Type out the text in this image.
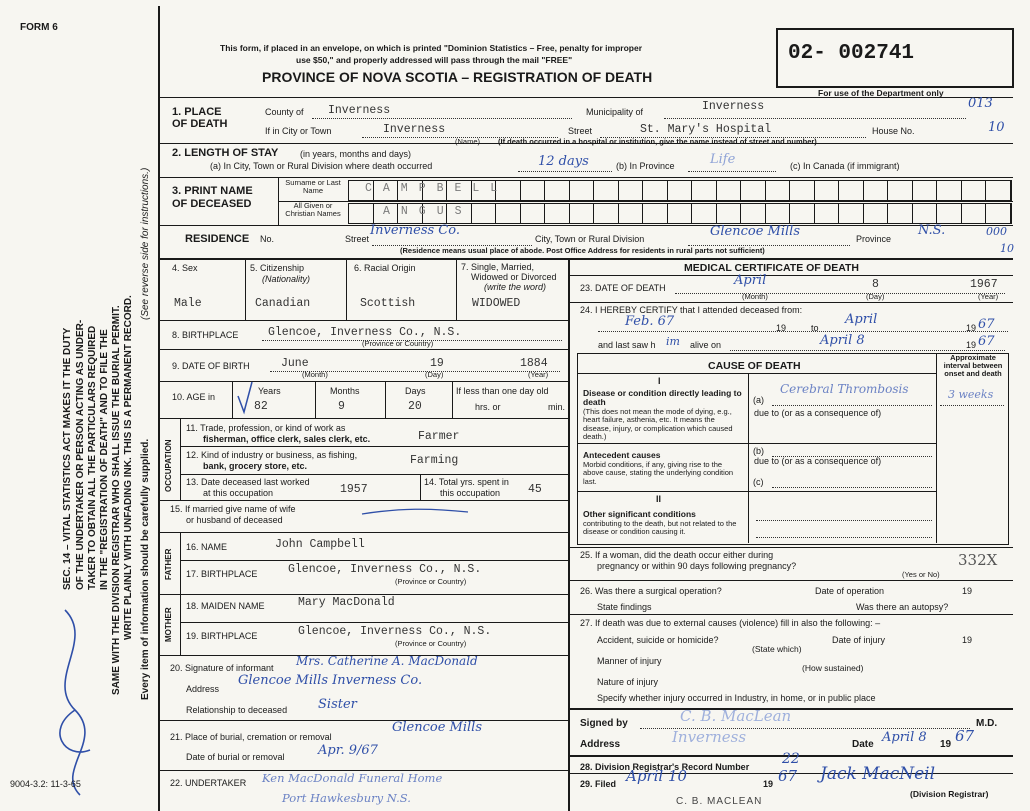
FORM 6
SEC. 14 – VITAL STATISTICS ACT MAKES IT THE DUTY OF THE UNDERTAKER OR PERSON ACTING AS UNDER- TAKER TO OBTAIN ALL THE PARTICULARS REQUIRED IN THE "REGISTRATION OF DEATH" AND TO FILE THE SAME WITH THE DIVISION REGISTRAR WHO SHALL ISSUE THE BURIAL PERMIT. WRITE PLAINLY WITH UNFADING INK. THIS IS A PERMANENT RECORD.
(See reverse side for instructions.)
Every item of information should be carefully supplied.
9004-3.2: 11-3-65
This form, if placed in an envelope, on which is printed "Dominion Statistics – Free, penalty for improper
use $50," and properly addressed will pass through the mail "FREE"
PROVINCE OF NOVA SCOTIA – REGISTRATION OF DEATH
02- 002741
For use of the Department only
1. PLACE OF DEATH
County of Inverness	Municipality of	Inverness	013
If in City or Town	Inverness
(Name)
Street	St. Mary's Hospital	House No.	10
(If death occurred in a hospital or institution, give the name instead of street and number)
2. LENGTH OF STAY (in years, months and days)
(a) In City, Town or Rural Division where death occurred	12 days	(b) In Province	Life	(c) In Canada (if immigrant)
3. PRINT NAME OF DECEASED
Surname or Last Name
All Given or Christian Names
CAMPBELL
ANGUS
RESIDENCE No.	Street
Inverness Co.
City, Town or Rural Division	Glencoe Mills	Province
N.S.	000
10
(Residence means usual place of abode. Post Office Address for residents in rural parts not sufficient)
4. Sex
Male
5. Citizenship
(Nationality)
Canadian
6. Racial Origin
Scottish
7. Single, Married,
Widowed or Divorced
(write the word)
WIDOWED
8. BIRTHPLACE	Glencoe, Inverness Co., N.S.
(Province or Country)
9. DATE OF BIRTH	June	19	1884
(Month)	(Day)	(Year)
10. AGE in
Years	Months	Days
82	9	20
If less than one day old
hrs. or	min.
OCCUPATION
11. Trade, profession, or kind of work as
fisherman, office clerk, sales clerk, etc.	Farmer
12. Kind of industry or business, as fishing,
bank, grocery store, etc.	Farming
13. Date deceased last worked
at this occupation	1957
14. Total yrs. spent in
this occupation 45
15. If married give name of wife
or husband of deceased
FATHER
16. NAME	John Campbell
17. BIRTHPLACE	Glencoe, Inverness Co., N.S.
(Province or Country)
MOTHER
18. MAIDEN NAME	Mary MacDonald
19. BIRTHPLACE	Glencoe, Inverness Co., N.S.
(Province or Country)
20. Signature of informant Mrs. Catherine A. MacDonald
Address
Glencoe Mills Inverness Co.
Relationship to deceased Sister
21. Place of burial, cremation or removal
Glencoe Mills
Date of burial or removal	Apr. 9/67
22. UNDERTAKER Ken MacDonald Funeral Home
Port Hawkesbury N.S.
MEDICAL CERTIFICATE OF DEATH
23. DATE OF DEATH	April	8	1967
(Month)	(Day)	(Year)
24. I HEREBY CERTIFY that I attended deceased from:
Feb. 67	19	to
April
19 67
and last saw h im alive on	April 8	19 67
CAUSE OF DEATH
Approximate interval between onset and death
I
Disease or condition directly leading to death
(This does not mean the mode of dying, e.g., heart failure, asthenia, etc. It means the disease, injury, or complication which caused death.)
(a)
Cerebral Thrombosis	3 weeks
due to (or as a consequence of)
Antecedent causes
Morbid conditions, if any, giving rise to the above cause, stating the underlying condition last.
(b)
due to (or as a consequence of)
(c)
II
Other significant conditions
contributing to the death, but not related to the disease or condition causing it.
25. If a woman, did the death occur either during
pregnancy or within 90 days following pregnancy?
(Yes or No)
332X
26. Was there a surgical operation?	Date of operation	19
State findings	Was there an autopsy?
27. If death was due to external causes (violence) fill in also the following: –
Accident, suicide or homicide?	Date of injury	19
(State which)
Manner of injury
(How sustained)
Nature of injury
Specify whether injury occurred in Industry, in home, or in public place
Signed by	C. B. MacLean	M.D.
Address	Inverness	Date April 8 19 67
28. Division Registrar's Record Number 22
29. Filed April 10	19 67 Jack MacNeil
(Division Registrar)
C. B. MACLEAN
